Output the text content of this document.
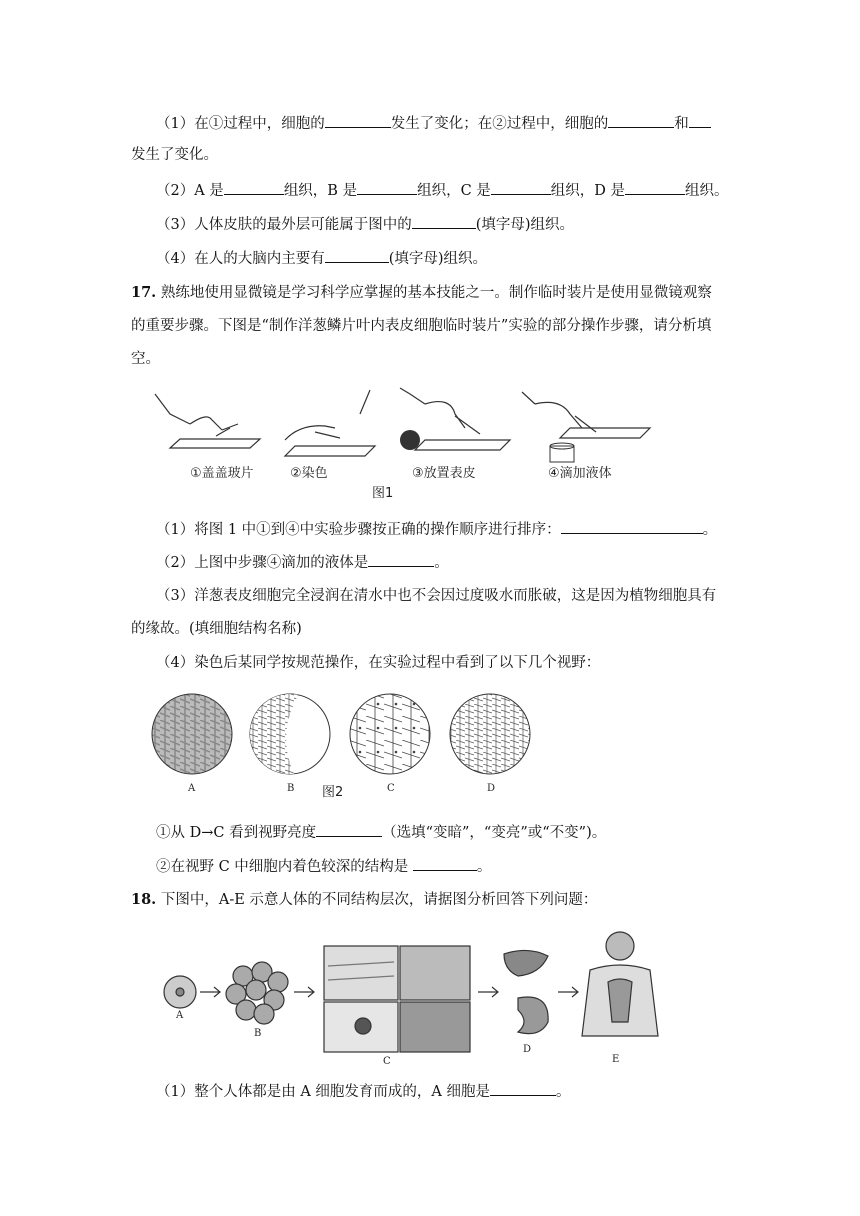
（1）在①过程中，细胞的	发生了变化；在②过程中，细胞的	和
发生了变化。
（2）A 是	组织，B 是	组织，C 是	组织，D 是	组织。
（3）人体皮肤的最外层可能属于图中的	(填字母)组织。
（4）在人的大脑内主要有	(填字母)组织。
17. 熟练地使用显微镜是学习科学应掌握的基本技能之一。制作临时装片是使用显微镜观察
的重要步骤。下图是“制作洋葱鳞片叶内表皮细胞临时装片”实验的部分操作步骤，请分析填
空。
①盖盖玻片	②染色	③放置表皮	④滴加液体
图1
（1）将图 1 中①到④中实验步骤按正确的操作顺序进行排序：	。
（2）上图中步骤④滴加的液体是	。
（3）洋葱表皮细胞完全浸润在清水中也不会因过度吸水而胀破，这是因为植物细胞具有
的缘故。(填细胞结构名称)
（4）染色后某同学按规范操作，在实验过程中看到了以下几个视野：
A	B	C	D
图2
①从 D→C 看到视野亮度	（选填“变暗”，“变亮”或“不变”)。
②在视野 C 中细胞内着色较深的结构是	。
18. 下图中，A-E 示意人体的不同结构层次，请据图分析回答下列问题：
A
B
C
D
E
（1）整个人体都是由 A 细胞发育而成的，A 细胞是	。
